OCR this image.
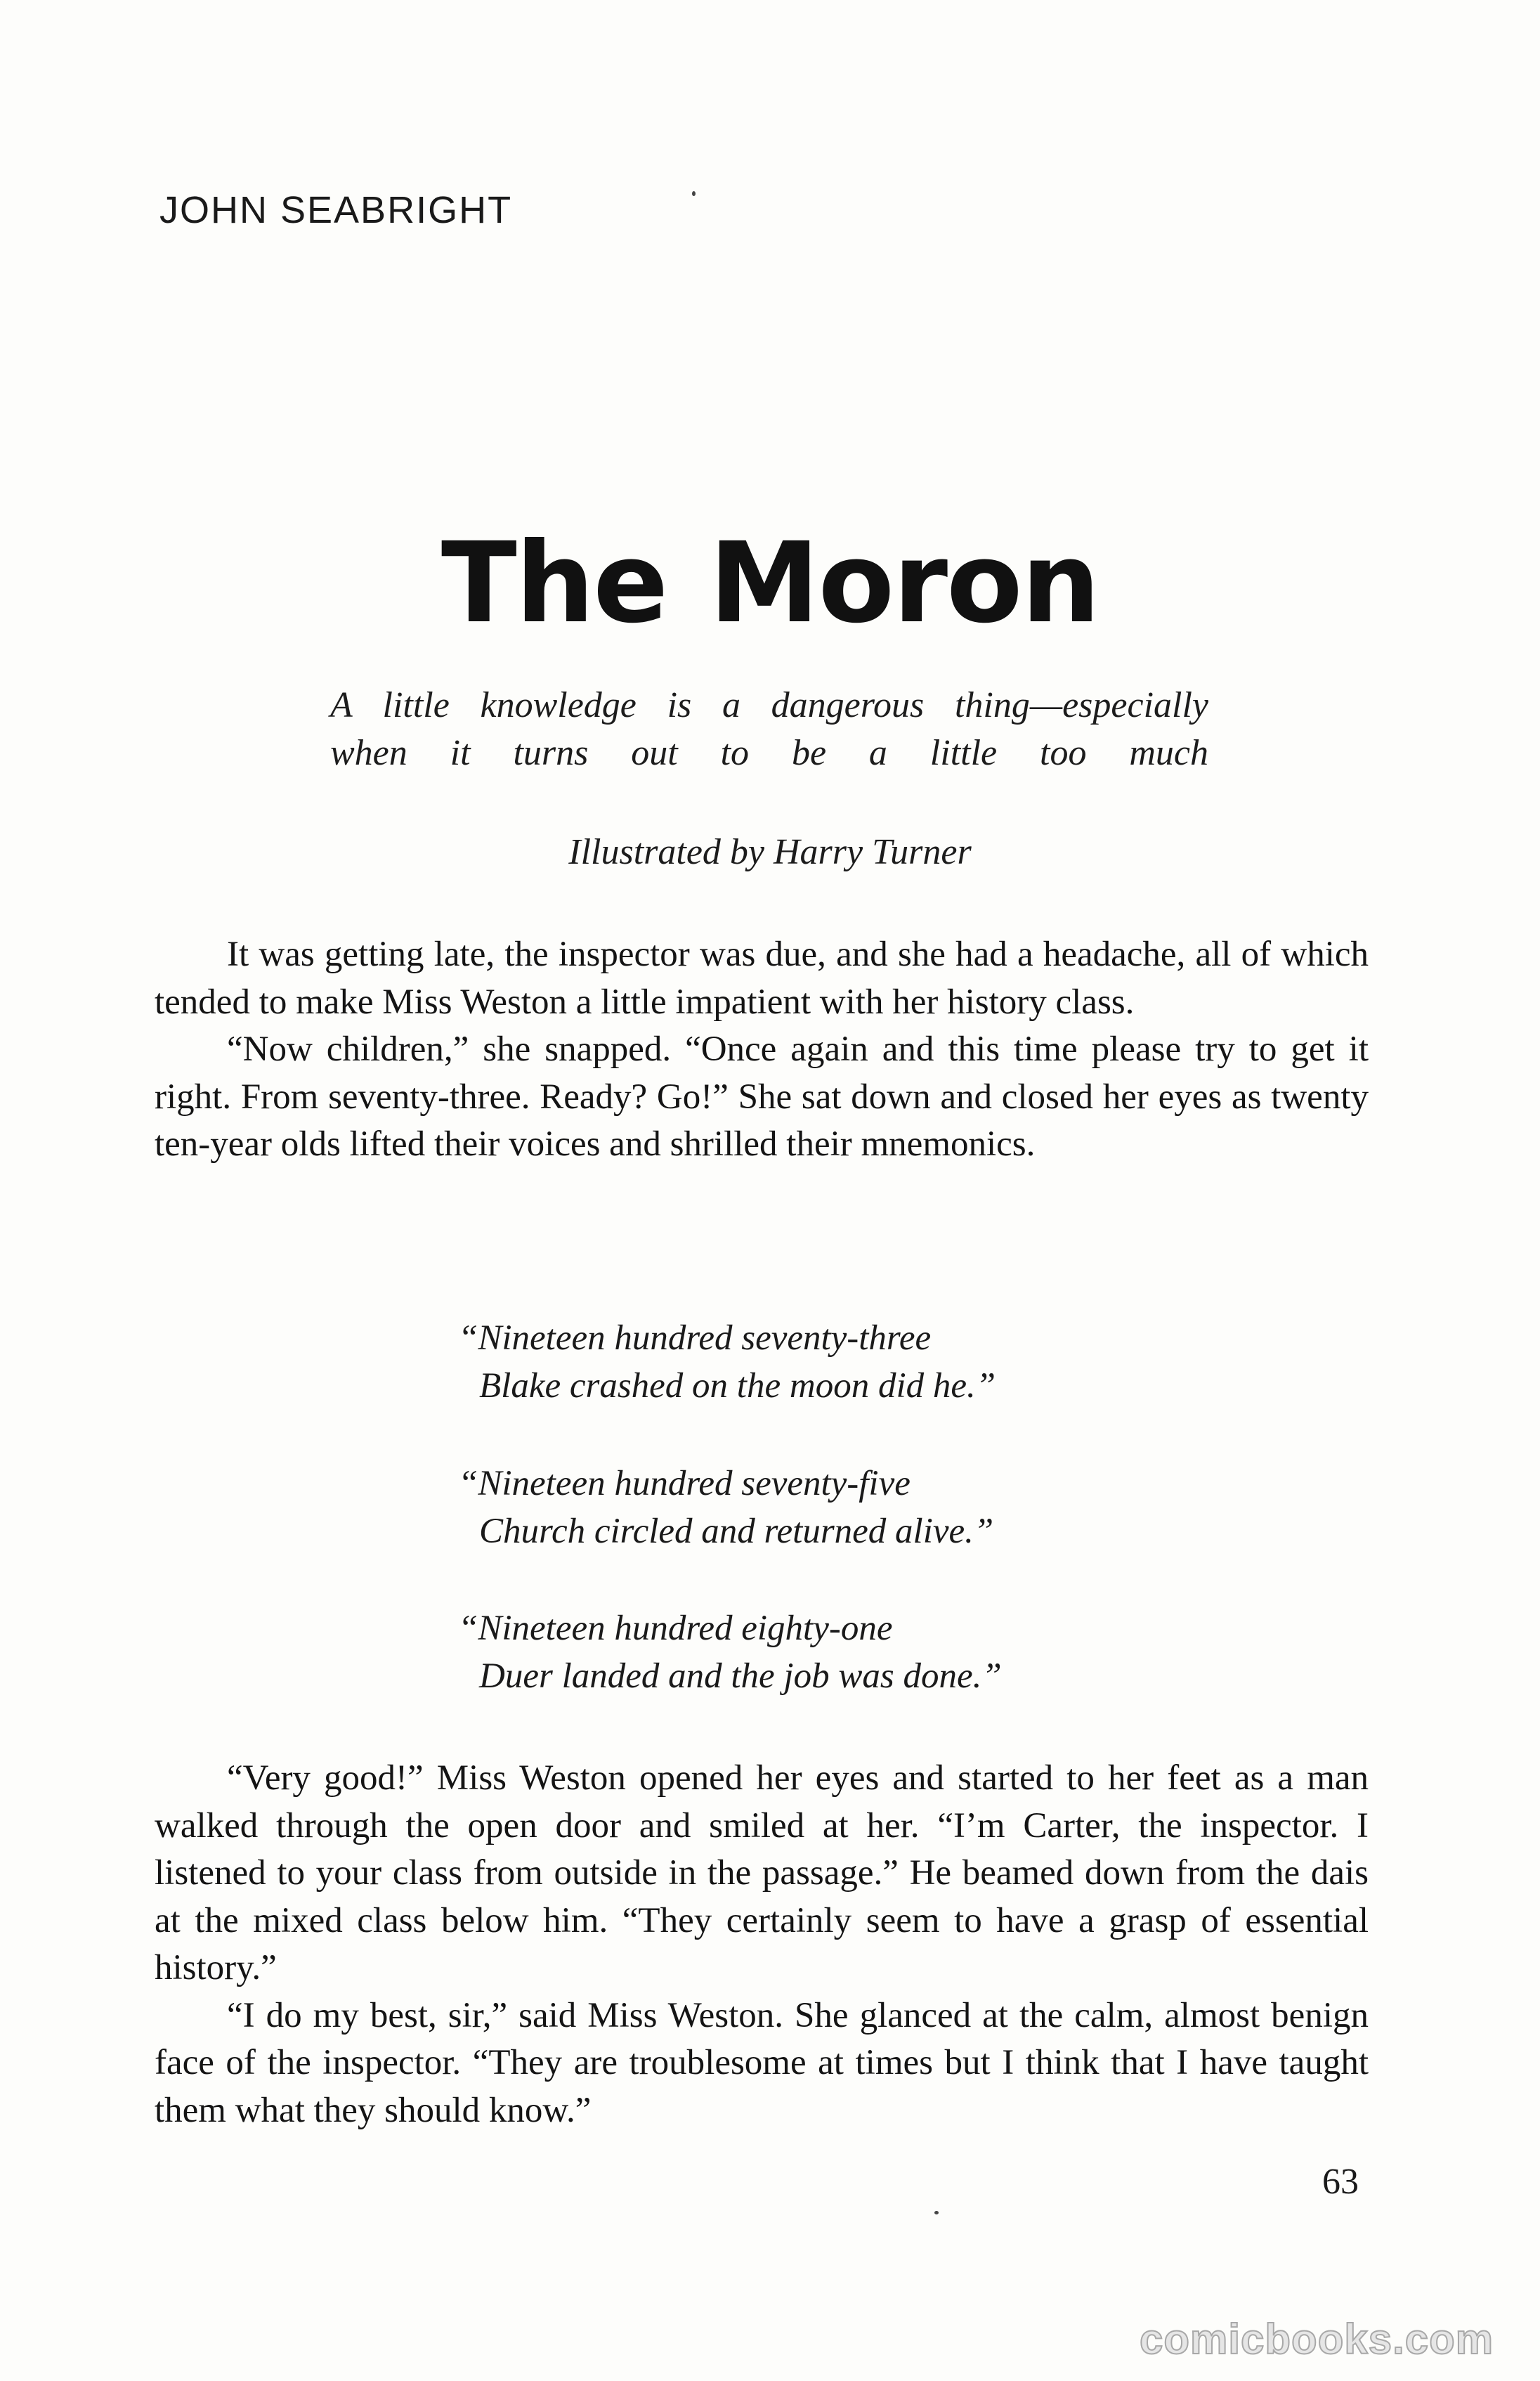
JOHN SEABRIGHT
The Moron
A little knowledge is a dangerous thing—especially
when it turns out to be a little too much
Illustrated by Harry Turner

It was getting late, the inspector was due, and she had a headache, all of which tended to make Miss Weston a little impatient with her history class.

“Now children,” she snapped. “Once again and this time please try to get it right. From seventy-three. Ready? Go!” She sat down and closed her eyes as twenty ten-year olds lifted their voices and shrilled their mnemonics.

“Nineteen hundred seventy-three
Blake crashed on the moon did he.”
“Nineteen hundred seventy-five
Church circled and returned alive.”
“Nineteen hundred eighty-one
Duer landed and the job was done.”

“Very good!” Miss Weston opened her eyes and started to her feet as a man walked through the open door and smiled at her. “I’m Carter, the inspector. I listened to your class from outside in the passage.” He beamed down from the dais at the mixed class below him. “They certainly seem to have a grasp of essential history.”

“I do my best, sir,” said Miss Weston. She glanced at the calm, almost benign face of the inspector. “They are troublesome at times but I think that I have taught them what they should know.”

63
comicbooks.com
